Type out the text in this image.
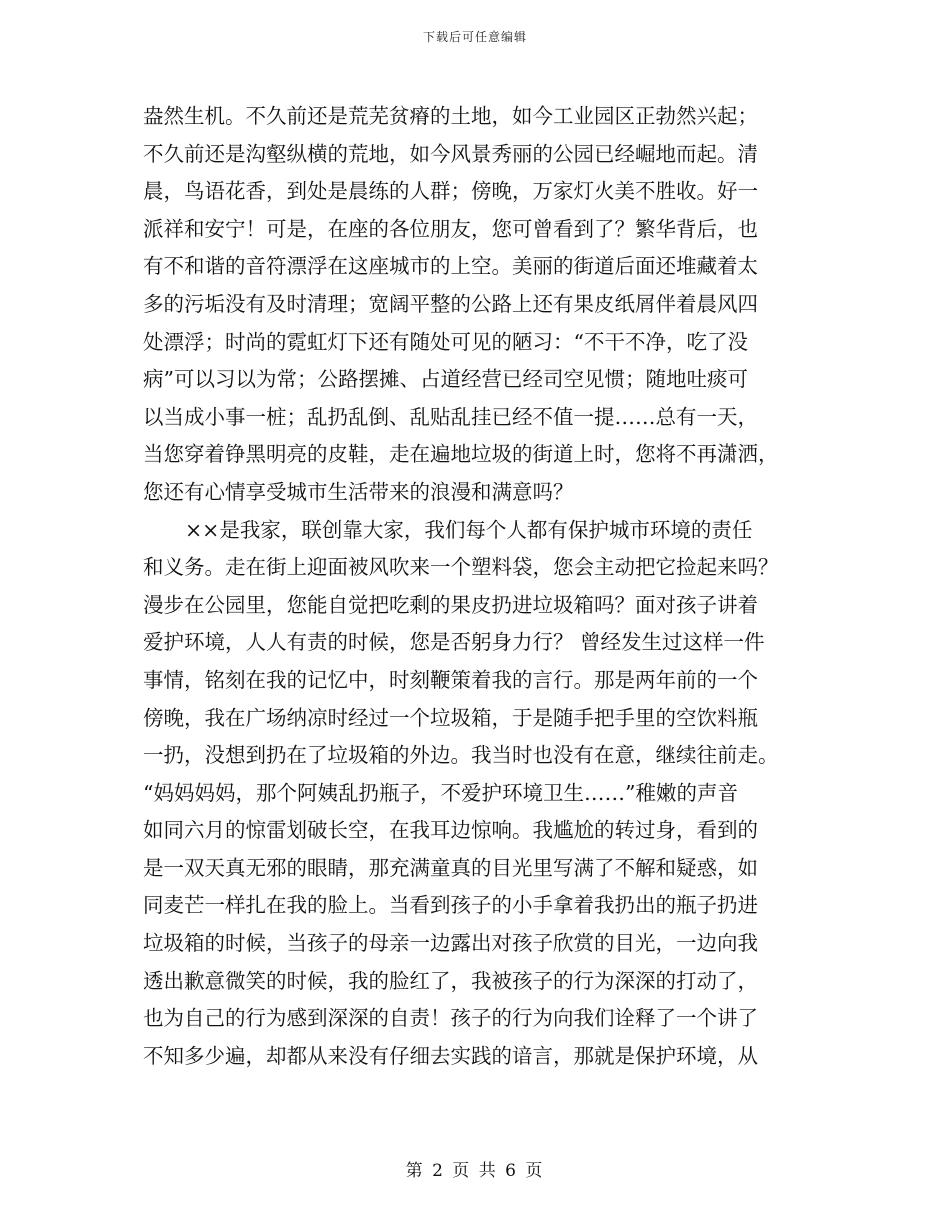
下载后可任意编辑
盎然生机。不久前还是荒芜贫瘠的土地，如今工业园区正勃然兴起；
不久前还是沟壑纵横的荒地，如今风景秀丽的公园已经崛地而起。清
晨，鸟语花香，到处是晨练的人群；傍晚，万家灯火美不胜收。好一
派祥和安宁！可是，在座的各位朋友，您可曾看到了？繁华背后，也
有不和谐的音符漂浮在这座城市的上空。美丽的街道后面还堆藏着太
多的污垢没有及时清理；宽阔平整的公路上还有果皮纸屑伴着晨风四
处漂浮；时尚的霓虹灯下还有随处可见的陋习：“不干不净，吃了没
病”可以习以为常；公路摆摊、占道经营已经司空见惯；随地吐痰可
以当成小事一桩；乱扔乱倒、乱贴乱挂已经不值一提……总有一天，
当您穿着铮黑明亮的皮鞋，走在遍地垃圾的街道上时，您将不再潇洒，
您还有心情享受城市生活带来的浪漫和满意吗？
××是我家，联创靠大家，我们每个人都有保护城市环境的责任
和义务。走在街上迎面被风吹来一个塑料袋，您会主动把它捡起来吗？
漫步在公园里，您能自觉把吃剩的果皮扔进垃圾箱吗？面对孩子讲着
爱护环境，人人有责的时候，您是否躬身力行？ 曾经发生过这样一件
事情，铭刻在我的记忆中，时刻鞭策着我的言行。那是两年前的一个
傍晚，我在广场纳凉时经过一个垃圾箱，于是随手把手里的空饮料瓶
一扔，没想到扔在了垃圾箱的外边。我当时也没有在意，继续往前走。
“妈妈妈妈，那个阿姨乱扔瓶子，不爱护环境卫生……”稚嫩的声音
如同六月的惊雷划破长空，在我耳边惊响。我尴尬的转过身，看到的
是一双天真无邪的眼睛，那充满童真的目光里写满了不解和疑惑，如
同麦芒一样扎在我的脸上。当看到孩子的小手拿着我扔出的瓶子扔进
垃圾箱的时候，当孩子的母亲一边露出对孩子欣赏的目光，一边向我
透出歉意微笑的时候，我的脸红了，我被孩子的行为深深的打动了，
也为自己的行为感到深深的自责！孩子的行为向我们诠释了一个讲了
不知多少遍，却都从来没有仔细去实践的谙言，那就是保护环境，从
第 2 页 共 6 页
